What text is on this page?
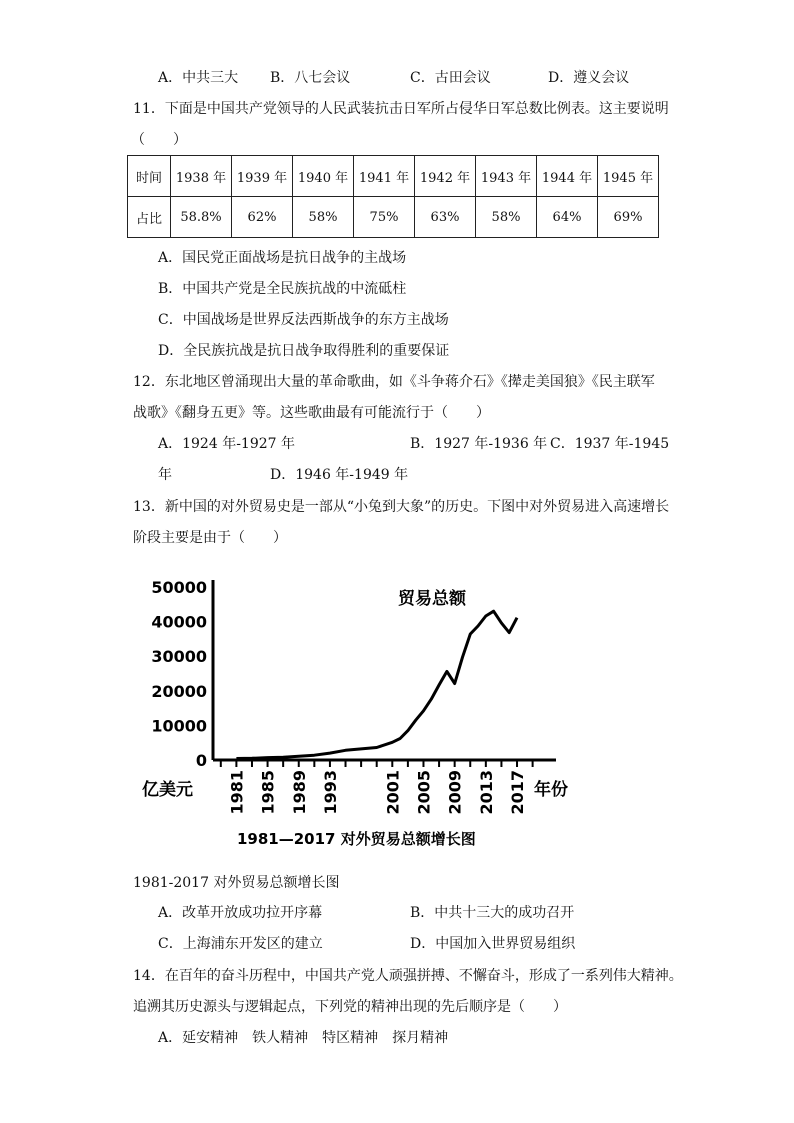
A．中共三大 B．八七会议	C．古田会议	D．遵义会议
11．下面是中国共产党领导的人民武装抗击日军所占侵华日军总数比例表。这主要说明
（　　）
时间	1938 年	1939 年	1940 年	1941 年	1942 年	1943 年	1944 年	1945 年
占比	58.8%	62%	58%	75%	63%	58%	64%	69%
A．国民党正面战场是抗日战争的主战场
B．中国共产党是全民族抗战的中流砥柱
C．中国战场是世界反法西斯战争的东方主战场
D．全民族抗战是抗日战争取得胜利的重要保证
12．东北地区曾涌现出大量的革命歌曲，如《斗争蒋介石》《撵走美国狼》《民主联军
战歌》《翻身五更》等。这些歌曲最有可能流行于（　　）
A．1924 年-1927 年	B．1927 年-1936 年 C．1937 年-1945
年	D．1946 年-1949 年
13．新中国的对外贸易史是一部从“小兔到大象”的历史。下图中对外贸易进入高速增长
阶段主要是由于（　　）
0
10000
20000
30000
40000
50000
1981 1985 1989 1993	2001 2005 2009 2013 2017
贸易总额
亿美元	年份
1981—2017 对外贸易总额增长图
1981-2017 对外贸易总额增长图
A．改革开放成功拉开序幕	B．中共十三大的成功召开
C．上海浦东开发区的建立	D．中国加入世界贸易组织
14．在百年的奋斗历程中，中国共产党人顽强拼搏、不懈奋斗，形成了一系列伟大精神。
追溯其历史源头与逻辑起点，下列党的精神出现的先后顺序是（　　）
A．延安精神　铁人精神　特区精神　探月精神
